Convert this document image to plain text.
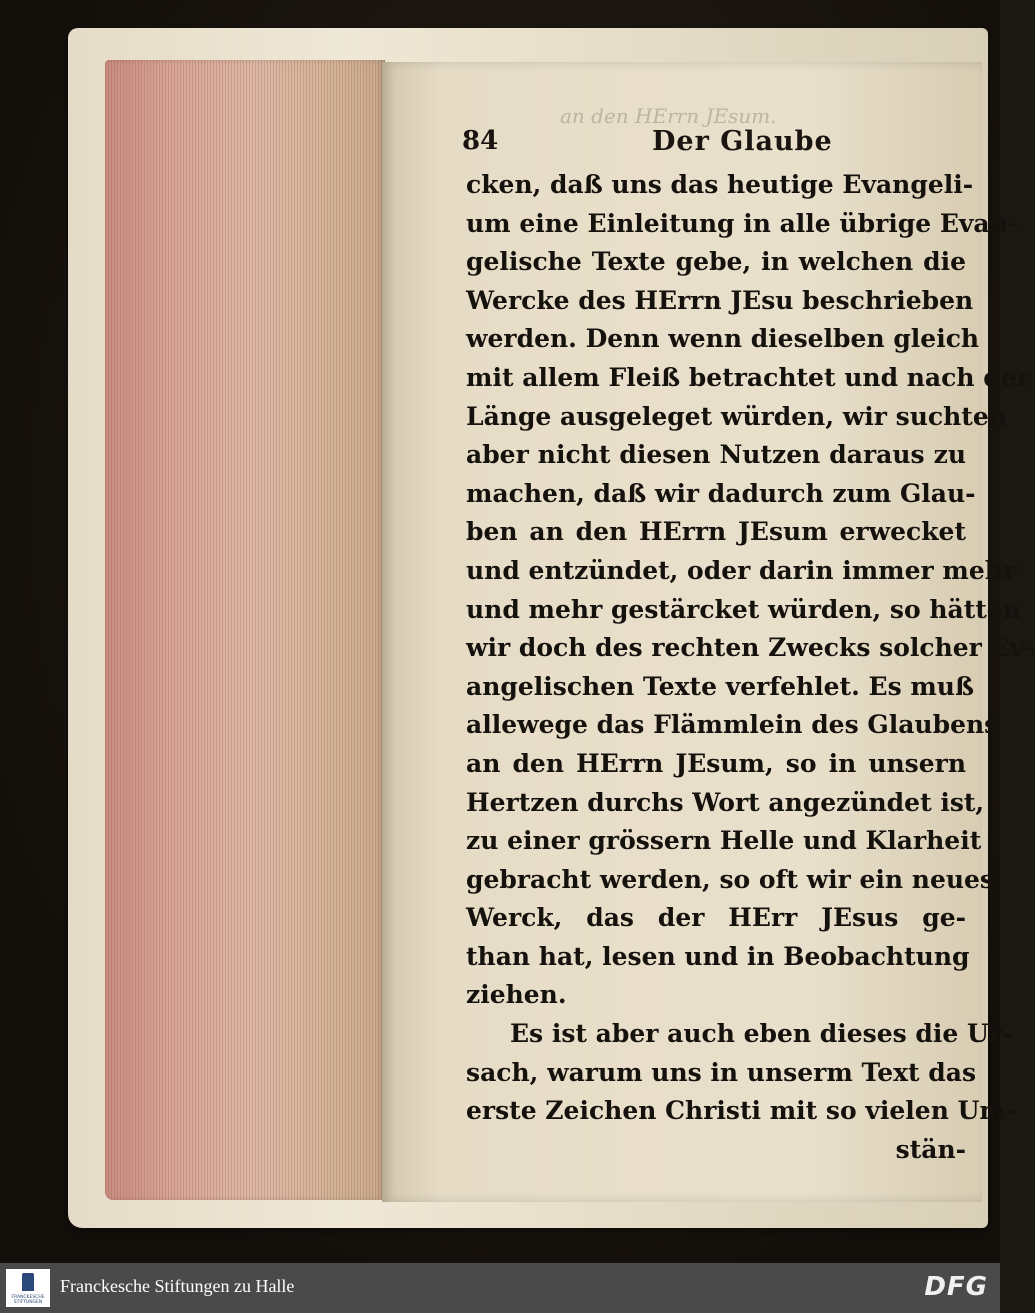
an den HErrn JEsum.
84	Der Glaube
cken, daß uns das heutige Evangeli-
um eine Einleitung in alle übrige Evan-
gelische Texte gebe, in welchen die
Wercke des HErrn JEsu beschrieben
werden. Denn wenn dieselben gleich
mit allem Fleiß betrachtet und nach der
Länge ausgeleget würden, wir suchten
aber nicht diesen Nutzen daraus zu
machen, daß wir dadurch zum Glau-
ben an den HErrn JEsum erwecket
und entzündet, oder darin immer mehr
und mehr gestärcket würden, so hätten
wir doch des rechten Zwecks solcher Ev-
angelischen Texte verfehlet. Es muß
allewege das Flämmlein des Glaubens
an den HErrn JEsum, so in unsern
Hertzen durchs Wort angezündet ist,
zu einer grössern Helle und Klarheit
gebracht werden, so oft wir ein neues
Werck, das der HErr JEsus ge-
than hat, lesen und in Beobachtung
ziehen.
Es ist aber auch eben dieses die Ur-
sach, warum uns in unserm Text das
erste Zeichen Christi mit so vielen Um-
stän-
FRANCKESCHE STIFTUNGEN
Franckesche Stiftungen zu Halle	DFG
